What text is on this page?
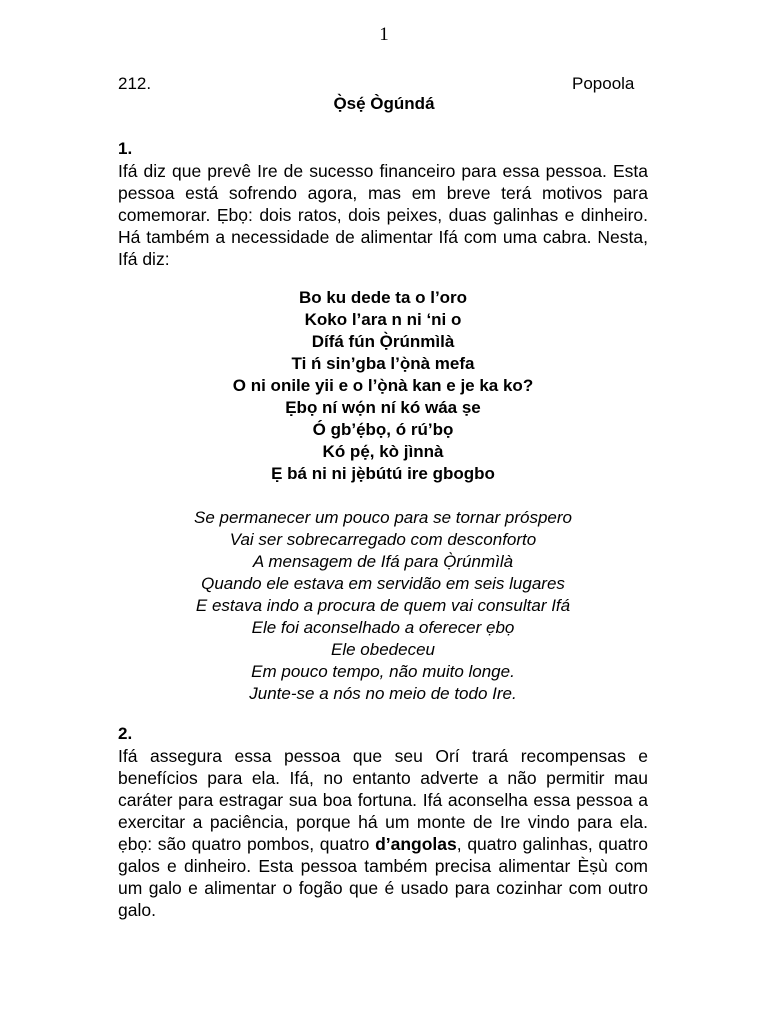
1
212.	Popoola
Ọ̀sẹ́ Ògúndá
1.

Ifá diz que prevê Ire de sucesso financeiro para essa pessoa. Esta pessoa está sofrendo agora, mas em breve terá motivos para comemorar. Ẹbọ: dois ratos, dois peixes, duas galinhas e dinheiro. Há também a necessidade de alimentar Ifá com uma cabra. Nesta, Ifá diz:

Bo ku dede ta o l’oro
Koko l’ara n ni ‘ni o
Dífá fún Ọ̀rúnmìlà
Ti ń sin’gba l’ọ̀nà mefa
O ni onile yii e o l’ọ̀nà kan e je ka ko?
Ẹbọ ní wọ́n ní kó wáa ṣe
Ó gb’ẹ́bọ, ó rú’bọ
Kó pẹ́, kò jìnnà
Ẹ bá ni ni jẹ̀bútú ire gbogbo
Se permanecer um pouco para se tornar próspero
Vai ser sobrecarregado com desconforto
A mensagem de Ifá para Ọ̀rúnmìlà
Quando ele estava em servidão em seis lugares
E estava indo a procura de quem vai consultar Ifá
Ele foi aconselhado a oferecer ẹbọ
Ele obedeceu
Em pouco tempo, não muito longe.
Junte-se a nós no meio de todo Ire.
2.

Ifá assegura essa pessoa que seu Orí trará recompensas e benefícios para ela. Ifá, no entanto adverte a não permitir mau caráter para estragar sua boa fortuna. Ifá aconselha essa pessoa a exercitar a paciência, porque há um monte de Ire vindo para ela. ẹbọ: são quatro pombos, quatro d’angolas, quatro galinhas, quatro galos e dinheiro. Esta pessoa também precisa alimentar Èṣù com um galo e alimentar o fogão que é usado para cozinhar com outro galo.
